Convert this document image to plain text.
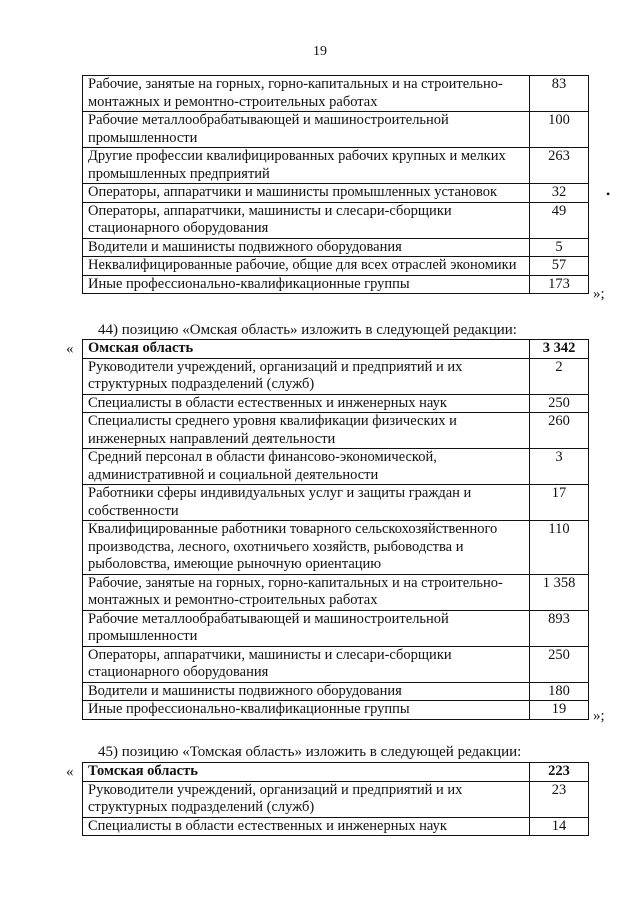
19
•
Рабочие, занятые на горных, горно-капитальных и на строительно-монтажных и ремонтно-строительных работах	83
Рабочие металлообрабатывающей и машиностроительной промышленности	100
Другие профессии квалифицированных рабочих крупных и мелких промышленных предприятий	263
Операторы, аппаратчики и машинисты промышленных установок	32
Операторы, аппаратчики, машинисты и слесари-сборщики стационарного оборудования	49
Водители и машинисты подвижного оборудования	5
Неквалифицированные рабочие, общие для всех отраслей экономики	57
Иные профессионально-квалификационные группы	173
»;
44) позицию «Омская область» изложить в следующей редакции:
« Омская область	3 342
Руководители учреждений, организаций и предприятий и их структурных подразделений (служб)	2
Специалисты в области естественных и инженерных наук	250
Специалисты среднего уровня квалификации физических и инженерных направлений деятельности	260
Средний персонал в области финансово-экономической, административной и социальной деятельности	3
Работники сферы индивидуальных услуг и защиты граждан и собственности	17
Квалифицированные работники товарного сельскохозяйственного производства, лесного, охотничьего хозяйств, рыбоводства и рыболовства, имеющие рыночную ориентацию	110
Рабочие, занятые на горных, горно-капитальных и на строительно-монтажных и ремонтно-строительных работах	1 358
Рабочие металлообрабатывающей и машиностроительной промышленности	893
Операторы, аппаратчики, машинисты и слесари-сборщики стационарного оборудования	250
Водители и машинисты подвижного оборудования	180
Иные профессионально-квалификационные группы	19 »;
45) позицию «Томская область» изложить в следующей редакции:
« Томская область	223
Руководители учреждений, организаций и предприятий и их структурных подразделений (служб)	23
Специалисты в области естественных и инженерных наук	14
